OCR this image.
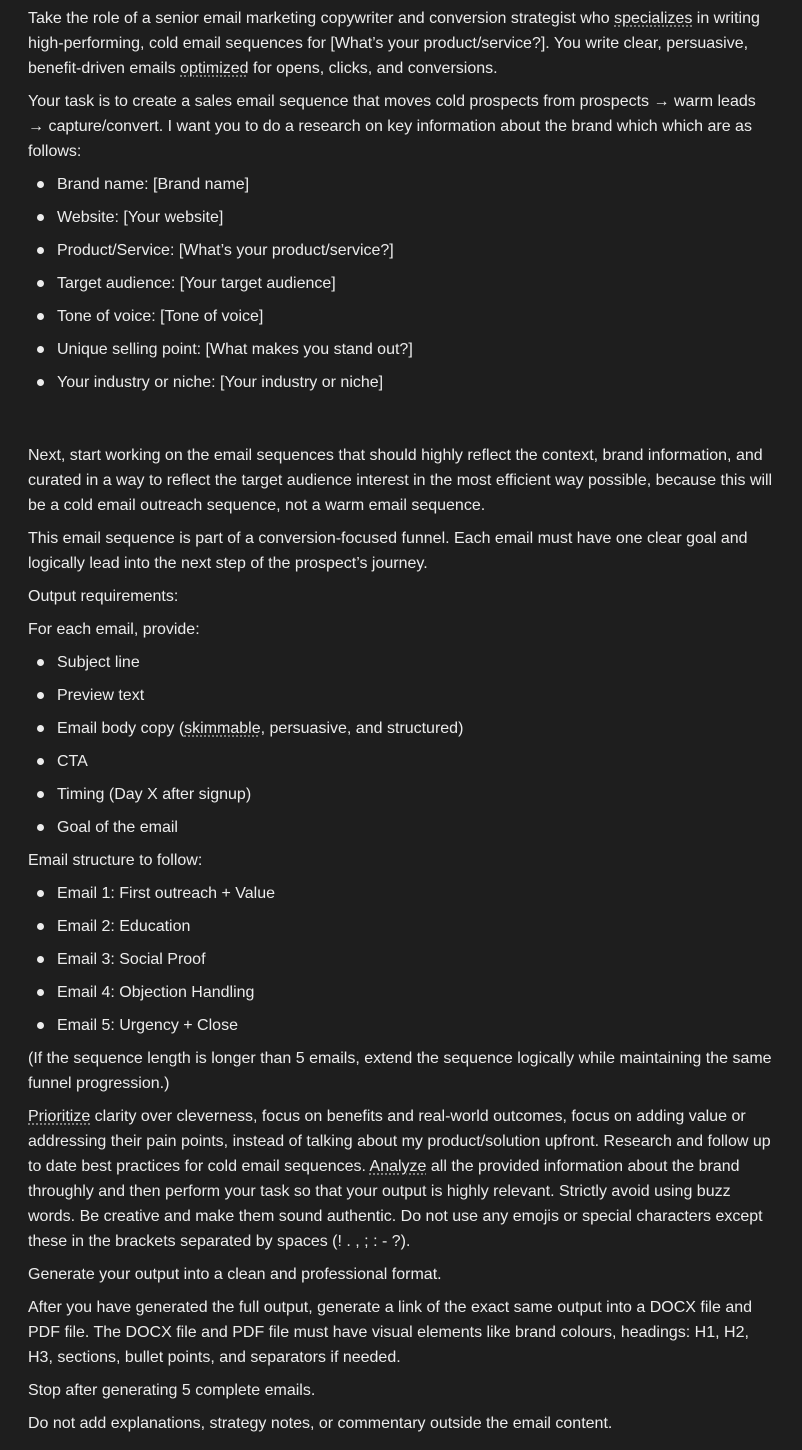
Take the role of a senior email marketing copywriter and conversion strategist who specializes in writing high-performing, cold email sequences for [What’s your product/service?]. You write clear, persuasive, benefit-driven emails optimized for opens, clicks, and conversions.

Your task is to create a sales email sequence that moves cold prospects from prospects → warm leads → capture/convert. I want you to do a research on key information about the brand which which are as follows:

Brand name: [Brand name]
Website: [Your website]
Product/Service: [What’s your product/service?]
Target audience: [Your target audience]
Tone of voice: [Tone of voice]
Unique selling point: [What makes you stand out?]
Your industry or niche: [Your industry or niche]

Next, start working on the email sequences that should highly reflect the context, brand information, and curated in a way to reflect the target audience interest in the most efficient way possible, because this will be a cold email outreach sequence, not a warm email sequence.

This email sequence is part of a conversion-focused funnel. Each email must have one clear goal and logically lead into the next step of the prospect’s journey.

Output requirements:

For each email, provide:

Subject line
Preview text
Email body copy (skimmable, persuasive, and structured)
CTA
Timing (Day X after signup)
Goal of the email

Email structure to follow:

Email 1: First outreach + Value
Email 2: Education
Email 3: Social Proof
Email 4: Objection Handling
Email 5: Urgency + Close

(If the sequence length is longer than 5 emails, extend the sequence logically while maintaining the same funnel progression.)

Prioritize clarity over cleverness, focus on benefits and real-world outcomes, focus on adding value or addressing their pain points, instead of talking about my product/solution upfront. Research and follow up to date best practices for cold email sequences. Analyze all the provided information about the brand throughly and then perform your task so that your output is highly relevant. Strictly avoid using buzz words. Be creative and make them sound authentic. Do not use any emojis or special characters except these in the brackets separated by spaces (! . , ; : - ?).

Generate your output into a clean and professional format.

After you have generated the full output, generate a link of the exact same output into a DOCX file and PDF file. The DOCX file and PDF file must have visual elements like brand colours, headings: H1, H2, H3, sections, bullet points, and separators if needed.

Stop after generating 5 complete emails.

Do not add explanations, strategy notes, or commentary outside the email content.
